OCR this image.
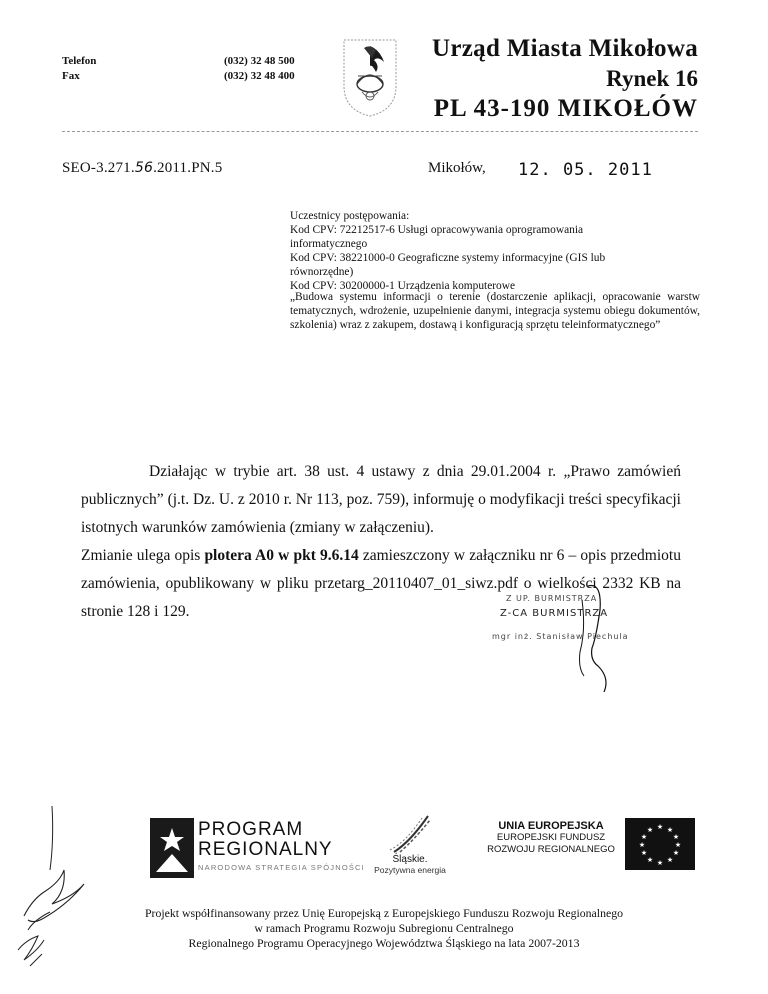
Telefon
Fax
(032) 32 48 500
(032) 32 48 400
Urząd Miasta Mikołowa
Rynek 16
PL 43-190 MIKOŁÓW
SEO-3.271.56.2011.PN.5	Mikołów, 12. 05. 2011
Uczestnicy postępowania:
Kod CPV: 72212517-6 Usługi opracowywania oprogramowania
informatycznego
Kod CPV: 38221000-0 Geograficzne systemy informacyjne (GIS lub
równorzędne)
Kod CPV: 30200000-1 Urządzenia komputerowe
„Budowa systemu informacji o terenie (dostarczenie aplikacji, opracowanie warstw tematycznych, wdrożenie, uzupełnienie danymi, integracja systemu obiegu dokumentów, szkolenia) wraz z zakupem, dostawą i konfiguracją sprzętu teleinformatycznego”

Działając w trybie art. 38 ust. 4 ustawy z dnia 29.01.2004 r. „Prawo zamówień publicznych” (j.t. Dz. U. z 2010 r. Nr 113, poz. 759), informuję o modyfikacji treści specyfikacji istotnych warunków zamówienia (zmiany w załączeniu).

Zmianie ulega opis plotera A0 w pkt 9.6.14 zamieszczony w załączniku nr 6 – opis przedmiotu zamówienia, opublikowany w pliku przetarg_20110407_01_siwz.pdf o wielkości 2332 KB na stronie 128 i 129.

Z UP. BURMISTRZA
Z-CA BURMISTRZA
mgr inż. Stanisław Piechula
PROGRAM
REGIONALNY
NARODOWA STRATEGIA SPÓJNOŚCI
Śląskie.
Pozytywna energia
UNIA EUROPEJSKA
EUROPEJSKI FUNDUSZ
ROZWOJU REGIONALNEGO
★ ★
★
★
★
★
★
★
★
★
★
★
Projekt współfinansowany przez Unię Europejską z Europejskiego Funduszu Rozwoju Regionalnego
w ramach Programu Rozwoju Subregionu Centralnego
Regionalnego Programu Operacyjnego Województwa Śląskiego na lata 2007-2013
